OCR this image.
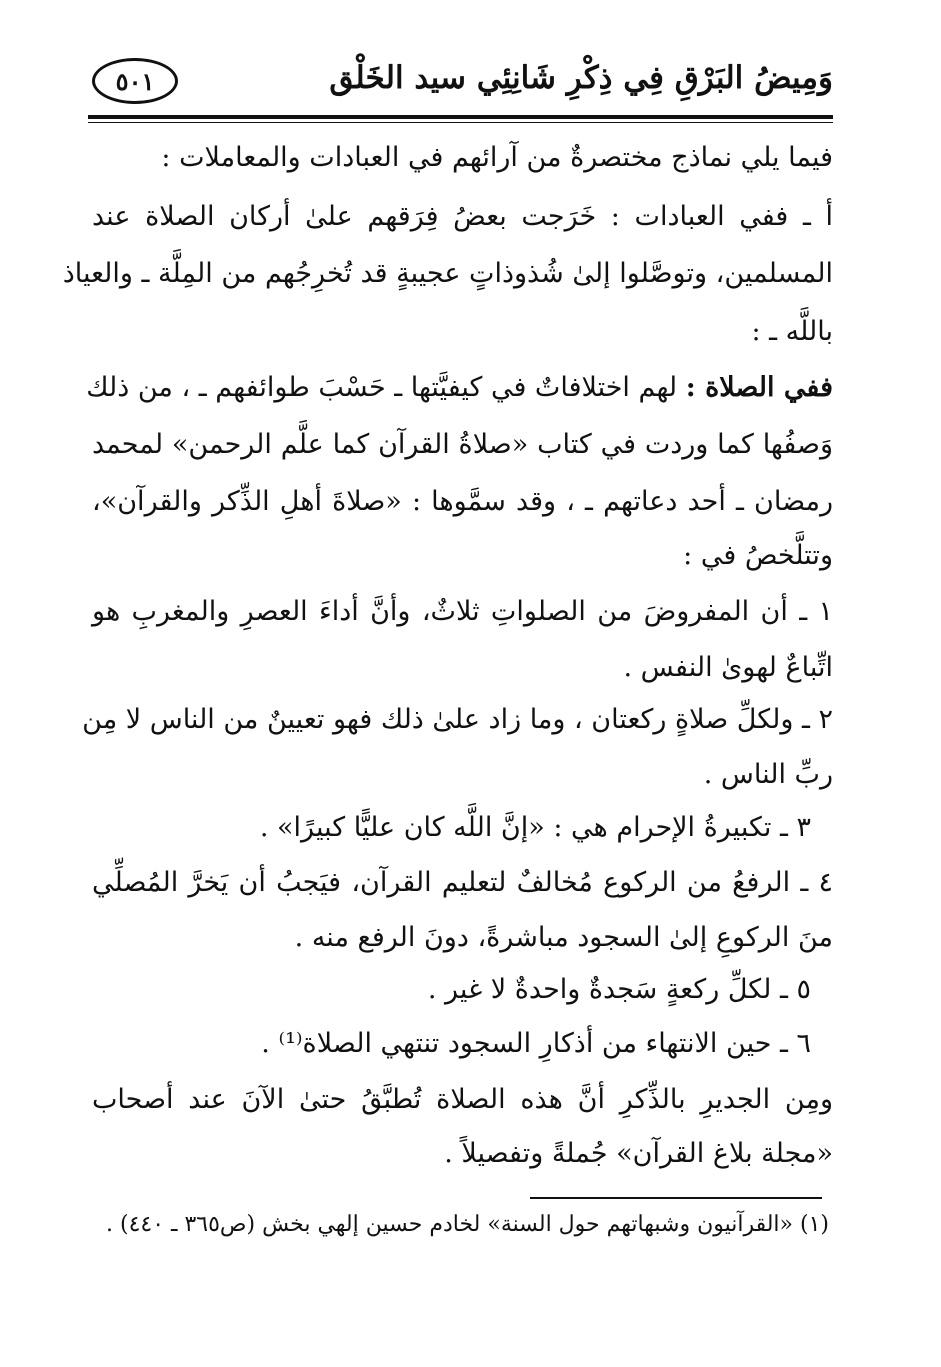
وَمِيضُ البَرْقِ فِي ذِكْرِ شَانِئِي سيد الخَلْق
٥٠١
فيما يلي نماذج مختصرةٌ من آرائهم في العبادات والمعاملات :
أ ـ ففي العبادات : خَرَجت بعضُ فِرَقهم علىٰ أركان الصلاة عند
المسلمين، وتوصَّلوا إلىٰ شُذوذاتٍ عجيبةٍ قد تُخرِجُهم من المِلَّة ـ والعياذ
باللَّه ـ :
ففي الصلاة : لهم اختلافاتٌ في كيفيَّتها ـ حَسْبَ طوائفهم ـ ، من ذلك
وَصفُها كما وردت في كتاب «صلاةُ القرآن كما علَّم الرحمن» لمحمد
رمضان ـ أحد دعاتهم ـ ، وقد سمَّوها : «صلاةَ أهلِ الذِّكر والقرآن»،
وتتلَّخصُ في :
١ ـ أن المفروضَ من الصلواتِ ثلاثٌ، وأنَّ أداءَ العصرِ والمغربِ هو
اتِّباعٌ لهوىٰ النفس .
٢ ـ ولكلِّ صلاةٍ ركعتان ، وما زاد علىٰ ذلك فهو تعيينٌ من الناس لا مِن
ربِّ الناس .
٣ ـ تكبيرةُ الإحرام هي : «إنَّ اللَّه كان عليًّا كبيرًا» .
٤ ـ الرفعُ من الركوع مُخالفٌ لتعليم القرآن، فيَجبُ أن يَخرَّ المُصلِّي
منَ الركوعِ إلىٰ السجود مباشرةً، دونَ الرفع منه .
٥ ـ لكلِّ ركعةٍ سَجدةٌ واحدةٌ لا غير .
٦ ـ حين الانتهاء من أذكارِ السجود تنتهي الصلاة⁽¹⁾ .
ومِن الجديرِ بالذِّكرِ أنَّ هذه الصلاة تُطبَّقُ حتىٰ الآنَ عند أصحاب
«مجلة بلاغ القرآن» جُملةً وتفصيلاً .
(١) «القرآنيون وشبهاتهم حول السنة» لخادم حسين إلهي بخش (ص٣٦٥ ـ ٤٤٠) .
